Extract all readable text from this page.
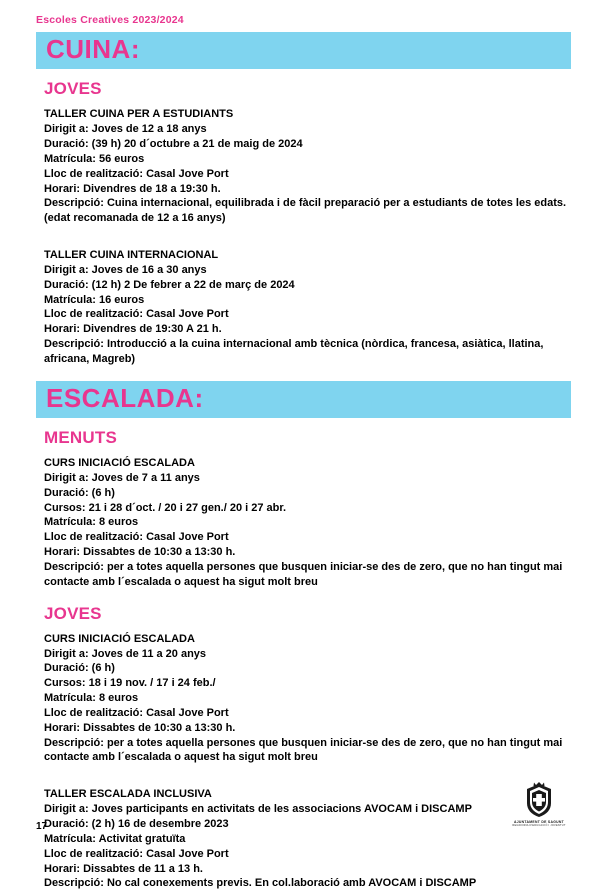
Escoles Creatives 2023/2024
CUINA:
JOVES
TALLER CUINA PER A ESTUDIANTS
Dirigit a: Joves de 12 a 18 anys
Duració: (39 h) 20 d´octubre a 21 de maig de 2024
Matrícula: 56 euros
Lloc de realització: Casal Jove Port
Horari: Divendres de 18 a 19:30 h.
Descripció: Cuina internacional, equilibrada i de fàcil preparació per a estudiants de totes les edats. (edat recomanada de 12 a 16 anys)
TALLER CUINA INTERNACIONAL
Dirigit a: Joves de 16 a 30 anys
Duració: (12 h) 2 De febrer a 22 de març de 2024
Matrícula: 16 euros
Lloc de realització: Casal Jove Port
Horari: Divendres de 19:30 A 21 h.
Descripció: Introducció a la cuina internacional amb tècnica (nòrdica, francesa, asiàtica, llatina, africana, Magreb)
ESCALADA:
MENUTS
CURS INICIACIÓ ESCALADA
Dirigit a: Joves de 7 a 11 anys
Duració: (6 h)
Cursos: 21 i 28 d´oct. / 20 i 27 gen./ 20 i 27 abr.
Matrícula: 8 euros
Lloc de realització: Casal Jove Port
Horari: Dissabtes de 10:30 a 13:30 h.
Descripció: per a totes aquella persones que busquen iniciar-se des de zero, que no han tingut mai contacte amb l´escalada o aquest ha sigut molt breu
JOVES
CURS INICIACIÓ ESCALADA
Dirigit a: Joves de 11 a 20 anys
Duració: (6 h)
Cursos: 18 i 19 nov. / 17 i 24 feb./
Matrícula: 8 euros
Lloc de realització: Casal Jove Port
Horari: Dissabtes de 10:30 a 13:30 h.
Descripció: per a totes aquella persones que busquen iniciar-se des de zero, que no han tingut mai contacte amb l´escalada o aquest ha sigut molt breu
TALLER ESCALADA INCLUSIVA
Dirigit a: Joves participants en activitats de les associacions AVOCAM i DISCAMP
Duració: (2 h) 16 de desembre 2023
Matrícula: Activitat gratuïta
Lloc de realització: Casal Jove Port
Horari: Dissabtes de 11 a 13 h.
Descripció: No cal conexements previs. En col.laboració amb AVOCAM i DISCAMP
17	AJUNTAMENT DE SAGUNT
REGIDORIA D'EDUCACIÓ I JOVENTUT
